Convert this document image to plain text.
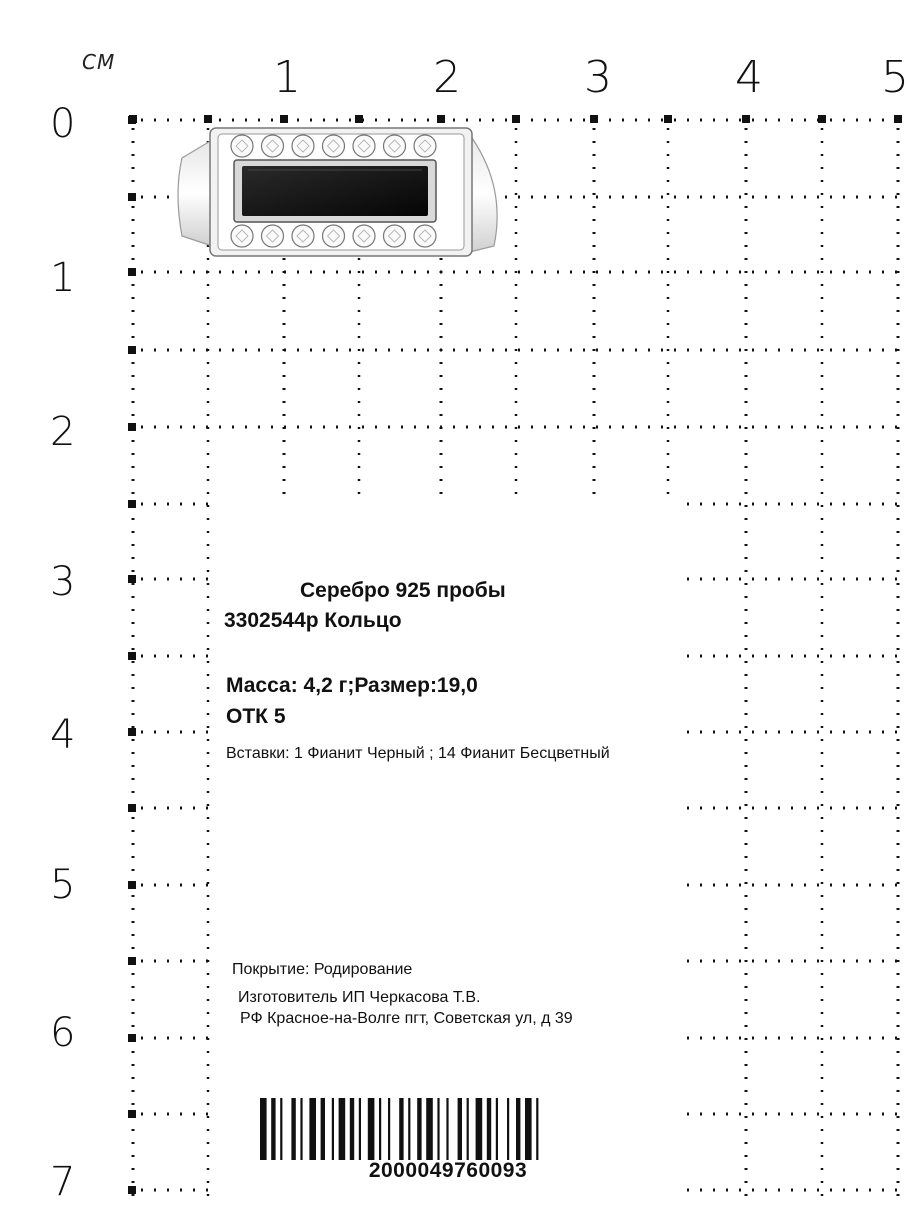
CM	1	2	3	4	5
0
1
2
3
4
5
6
7
Серебро 925 пробы
3302544р Кольцо
Масса: 4,2 г;Размер:19,0
ОТК 5
Вставки: 1 Фианит Черный ; 14 Фианит Бесцветный
Покрытие: Родирование
Изготовитель ИП Черкасова Т.В.
РФ Красное-на-Волге пгт, Советская ул, д 39
2000049760093
